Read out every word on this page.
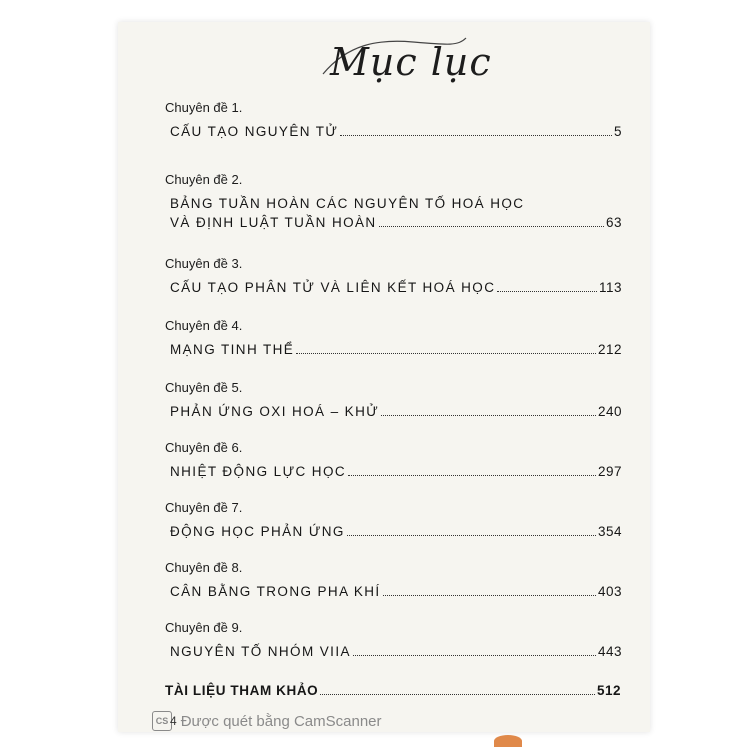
Mục lục
Chuyên đề 1.
CẤU TẠO NGUYÊN TỬ	5
Chuyên đề 2.
BẢNG TUẦN HOÀN CÁC NGUYÊN TỐ HOÁ HỌC
VÀ ĐỊNH LUẬT TUẦN HOÀN	63
Chuyên đề 3.
CẤU TẠO PHÂN TỬ VÀ LIÊN KẾT HOÁ HỌC	113
Chuyên đề 4.
MẠNG TINH THỂ	212
Chuyên đề 5.
PHẢN ỨNG OXI HOÁ – KHỬ	240
Chuyên đề 6.
NHIỆT ĐỘNG LỰC HỌC	297
Chuyên đề 7.
ĐỘNG HỌC PHẢN ỨNG	354
Chuyên đề 8.
CÂN BẰNG TRONG PHA KHÍ	403
Chuyên đề 9.
NGUYÊN TỐ NHÓM VIIA	443
TÀI LIỆU THAM KHẢO	512
CS 4 Được quét bằng CamScanner
